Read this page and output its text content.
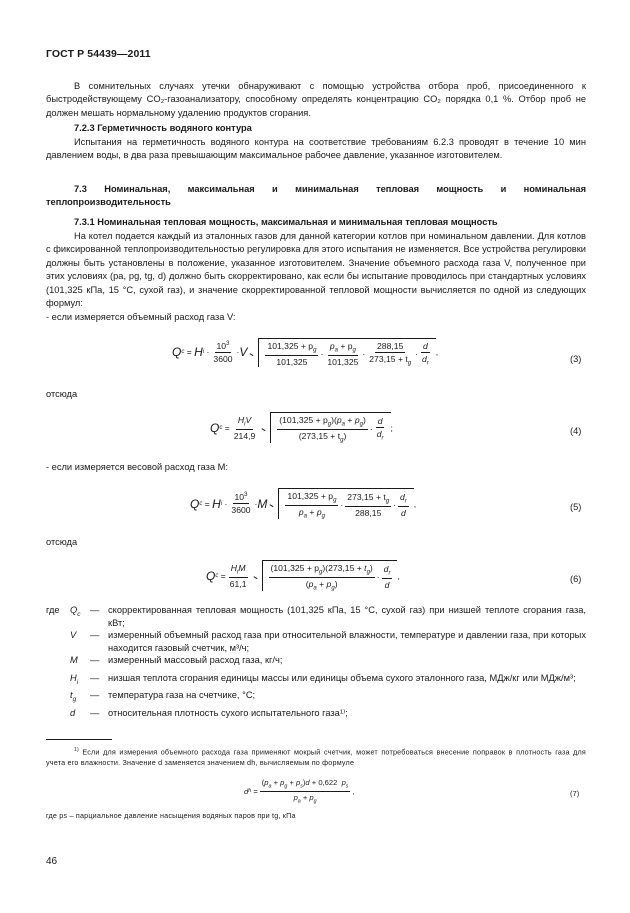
ГОСТ Р 54439—2011
В сомнительных случаях утечки обнаруживают с помощью устройства отбора проб, присоединенного к быстродействующему CO₂-газоанализатору, способному определять концентрацию CO₂ порядка 0,1 %. Отбор проб не должен мешать нормальному удалению продуктов сгорания.
7.2.3 Герметичность водяного контура
Испытания на герметичность водяного контура на соответствие требованиям 6.2.3 проводят в течение 10 мин давлением воды, в два раза превышающим максимальное рабочее давление, указанное изготовителем.
7.3 Номинальная, максимальная и минимальная тепловая мощность и номинальная теплопроизводительность
7.3.1 Номинальная тепловая мощность, максимальная и минимальная тепловая мощность
На котел подается каждый из эталонных газов для данной категории котлов при номинальном давлении. Для котлов с фиксированной теплопроизводительностью регулировка для этого испытания не изменяется. Все устройства регулировки должны быть установлены в положение, указанное изготовителем. Значение объемного расхода газа V, полученное при этих условиях (pa, pg, tg, d) должно быть скорректировано, как если бы испытание проводилось при стандартных условиях (101,325 кПа, 15 °C, сухой газ), и значение скорректированной тепловой мощности вычисляется по одной из следующих формул:
- если измеряется объемный расход газа V:
Q c = H $i \cdot \frac{10^3}{3600} \cdot V \frac{101,325 + p_g}{101,325} \cdot \frac{p_a + p_g}{101,325} \cdot \frac{288,15}{273,15 + t_g} \cdot \frac{d}{d_r}$ ,
(3)
отсюда
Q $c = \frac{H_iV}{214,9} \frac{(101,325 + p_g)(p_a + p_g)}{(273,15 + t_g)} \cdot \frac{d}{d_r}$ ;	(4)
- если измеряется весовой расход газа M:
Q c = H $i \cdot \frac{10^3}{3600} \cdot M \frac{101,325 + p_g}{p_a + p_g} \cdot \frac{273,15 + t_g}{288,15} \cdot \frac{d_r}{d}$ ,	(5)
отсюда
Q $c = \frac{H_iM}{61,1} \frac{(101,325 + p_g)(273,15 + t_g)}{(p_a + p_g)} \cdot \frac{d_r}{d}$ ,	(6)
где	$Q_c$	— скорректированная тепловая мощность (101,325 кПа, 15 °С, сухой газ) при низшей теплоте сгорания газа, кВт;
V	— измеренный объемный расход газа при относительной влажности, температуре и давлении газа, при которых находится газовый счетчик, м³/ч;
M	— измеренный массовый расход газа, кг/ч;
$H_i$	— низшая теплота сгорания единицы массы или единицы объема сухого эталонного газа, МДж/кг или МДж/м³;
$t_g$	— температура газа на счетчике, °С;
d	— относительная плотность сухого испытательного газа¹⁾;
$^{1)}$ Если для измерения объемного расхода газа применяют мокрый счетчик, может потребоваться внесение поправок в плотность газа для учета его влажности. Значение d заменяется значением dh, вычисляемым по формуле
d $h = \frac{(p_a + p_g + p_s)d + 0,622 p_s}{p_a + p_g}$ ,	(7)
где ps – парциальное давление насыщения водяных паров при tg, кПа
46
